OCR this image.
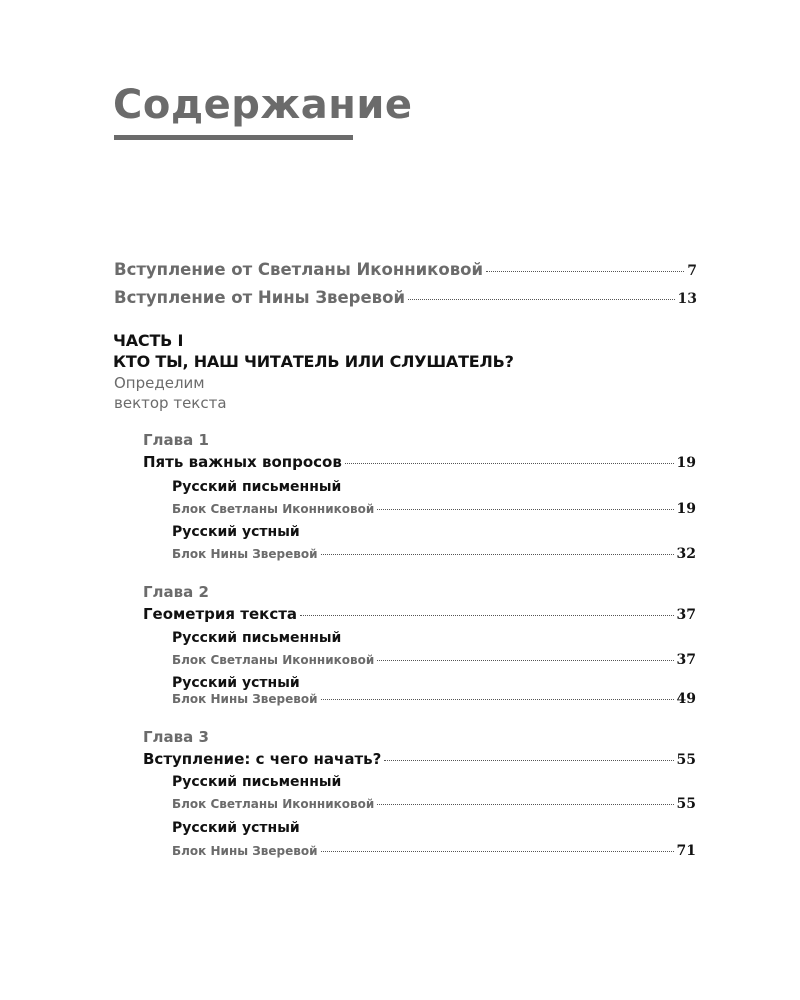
Содержание
Вступление от Светланы Иконниковой	7
Вступление от Нины Зверевой	13
ЧАСТЬ I
КТО ТЫ, НАШ ЧИТАТЕЛЬ ИЛИ СЛУШАТЕЛЬ?
Определим
вектор текста
Глава 1
Пять важных вопросов	19
Русский письменный
Блок Светланы Иконниковой	19
Русский устный
Блок Нины Зверевой	32
Глава 2
Геометрия текста	37
Русский письменный
Блок Светланы Иконниковой	37
Русский устный
Блок Нины Зверевой	49
Глава 3
Вступление: с чего начать?	55
Русский письменный
Блок Светланы Иконниковой	55
Русский устный
Блок Нины Зверевой	71
